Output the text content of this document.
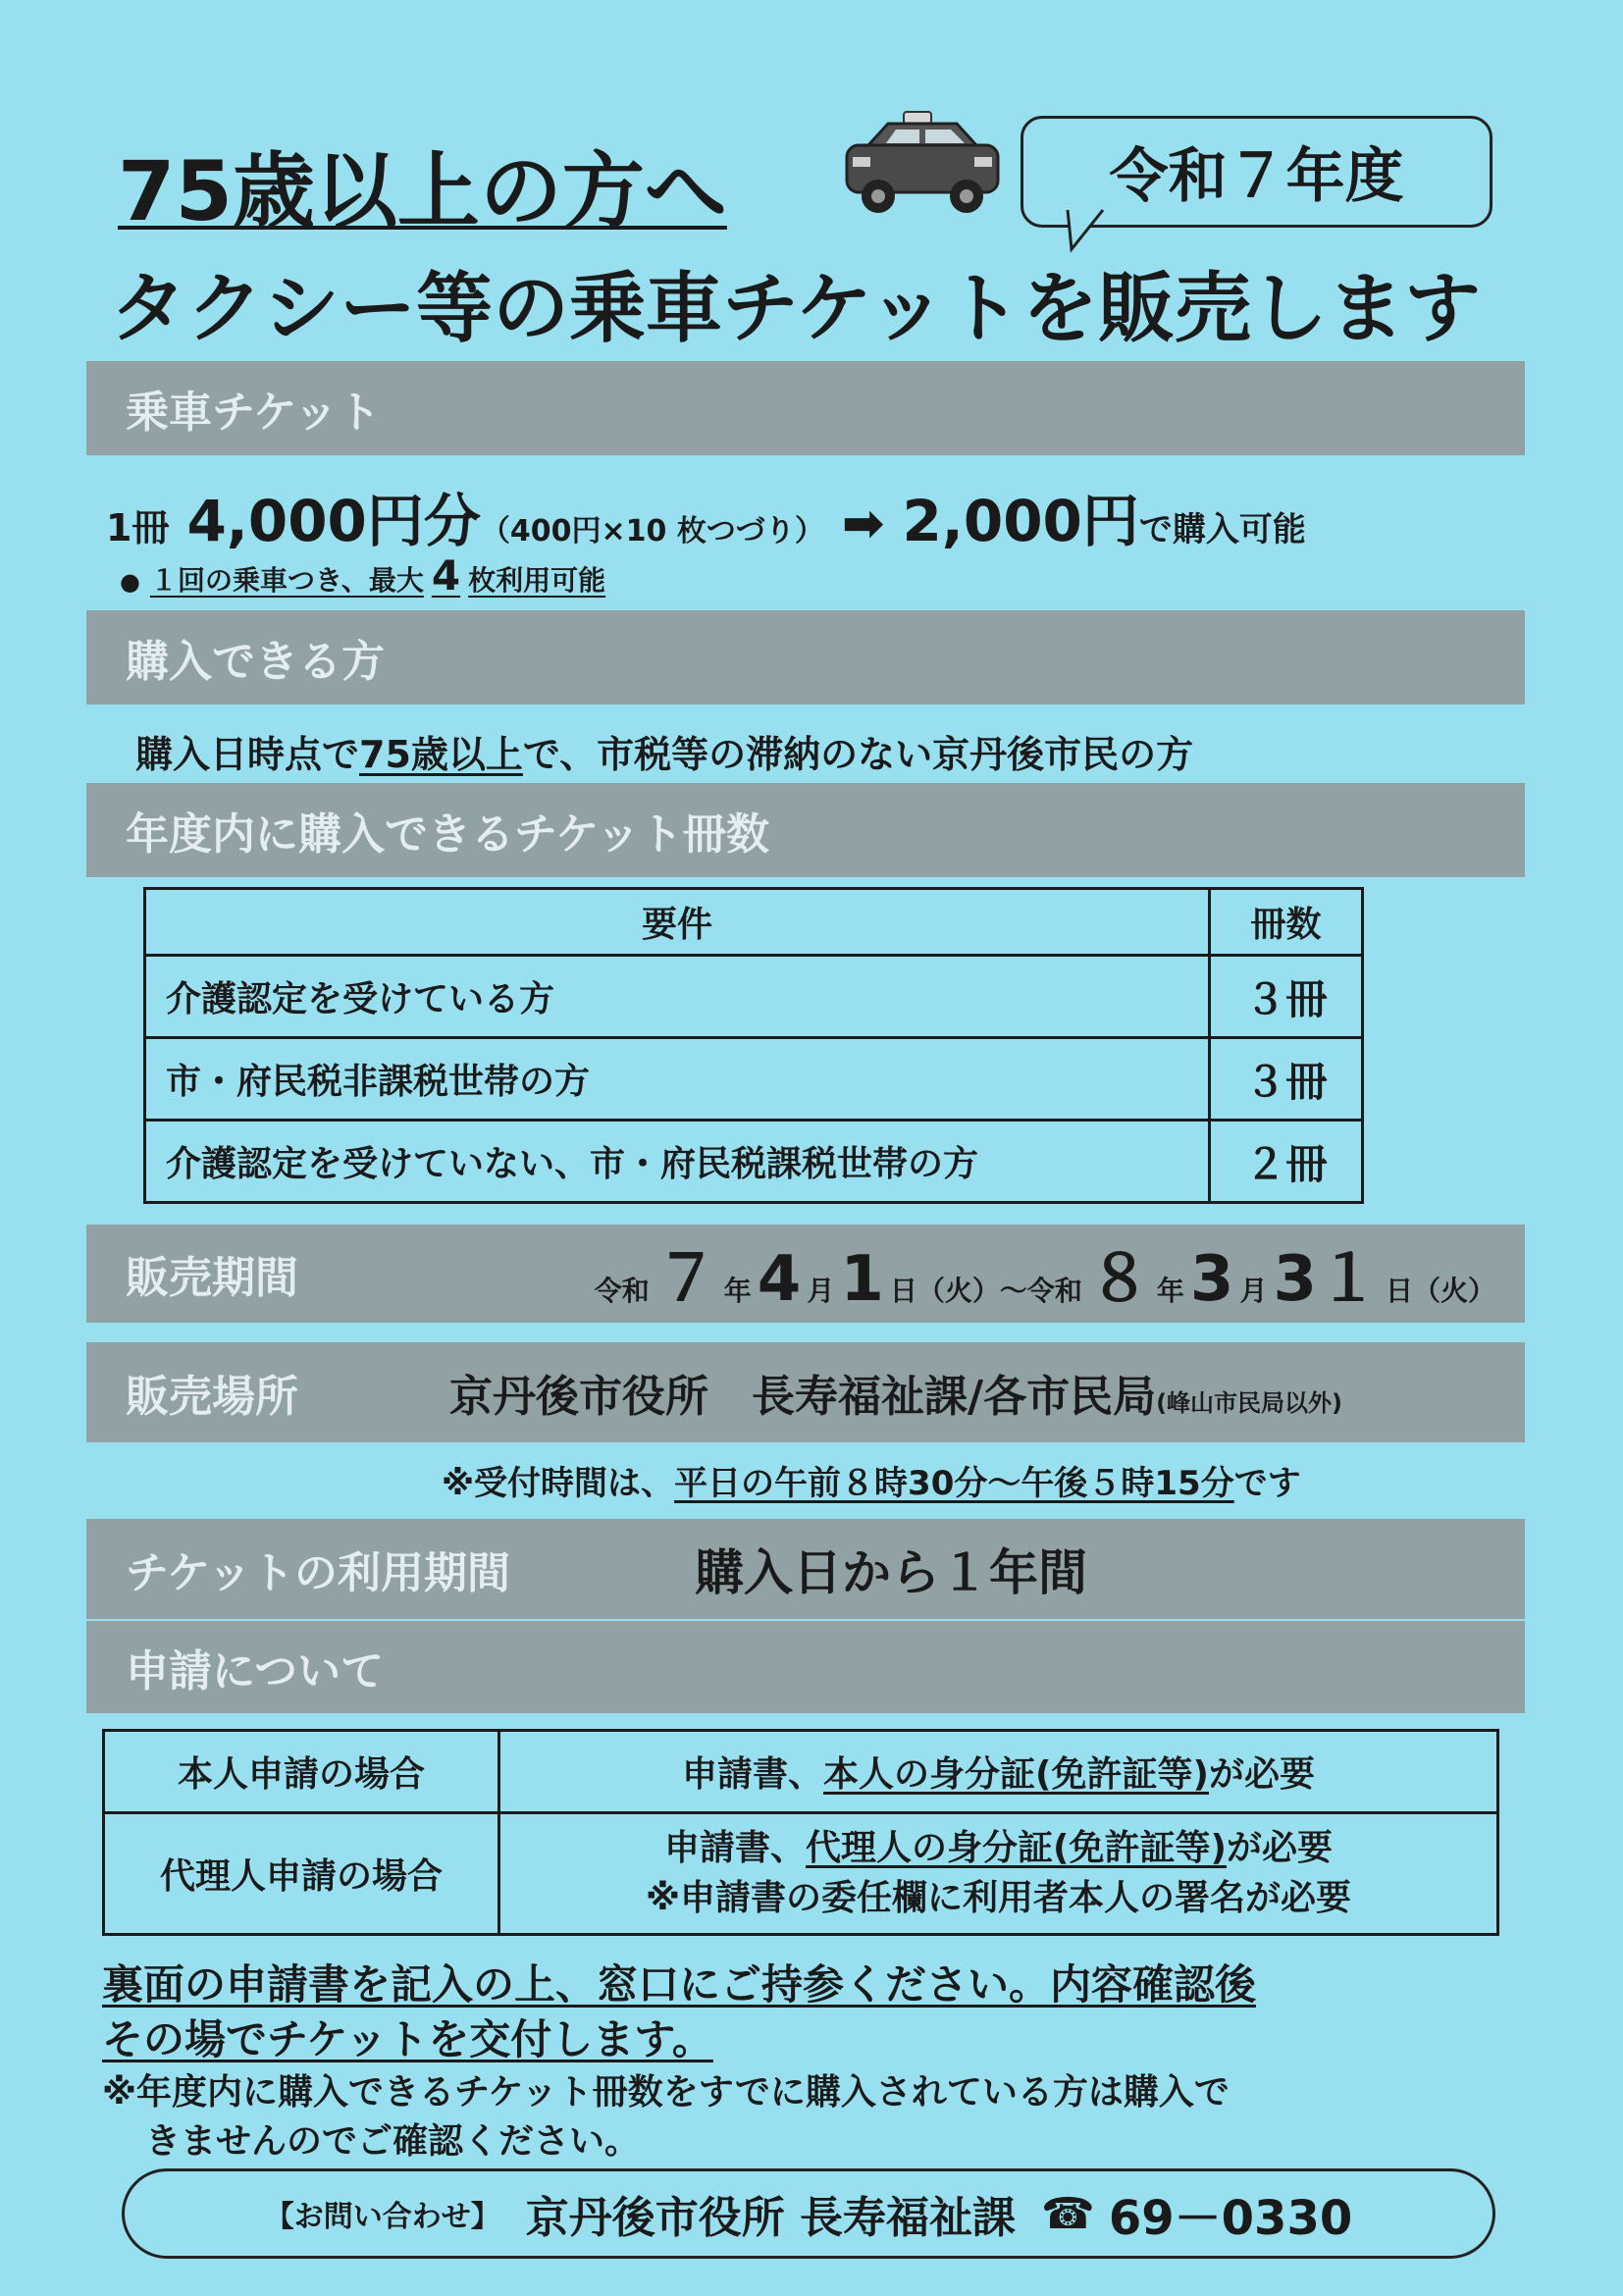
75歳以上の方へ	令和７年度
タクシー等の乗車チケットを販売します
乗車チケット
1冊 4,000円分 （400円×10 枚つづり） ➡ 2,000円 で購入可能
● １回の乗車つき、最大 4 枚利用可能
購入できる方
購入日時点で75歳以上で、市税等の滞納のない京丹後市民の方
年度内に購入できるチケット冊数
要件	冊数
介護認定を受けている方	３冊
市・府民税非課税世帯の方	３冊
介護認定を受けていない、市・府民税課税世帯の方	２冊
販売期間	令和 ７ 年 4 月 1 日（火）～令和 ８ 年 3 月 3１ 日（火）
販売場所	京丹後市役所　長寿福祉課/各市民局 (峰山市民局以外)
※受付時間は、平日の午前８時30分～午後５時15分です
チケットの利用期間	購入日から１年間
申請について
本人申請の場合	申請書、本人の身分証(免許証等)が必要
代理人申請の場合	申請書、代理人の身分証(免許証等)が必要
※申請書の委任欄に利用者本人の署名が必要
裏面の申請書を記入の上、窓口にご持参ください。内容確認後
その場でチケットを交付します。
※年度内に購入できるチケット冊数をすでに購入されている方は購入で
きませんのでご確認ください。
【お問い合わせ】 京丹後市役所 長寿福祉課 ☎ 69－0330
